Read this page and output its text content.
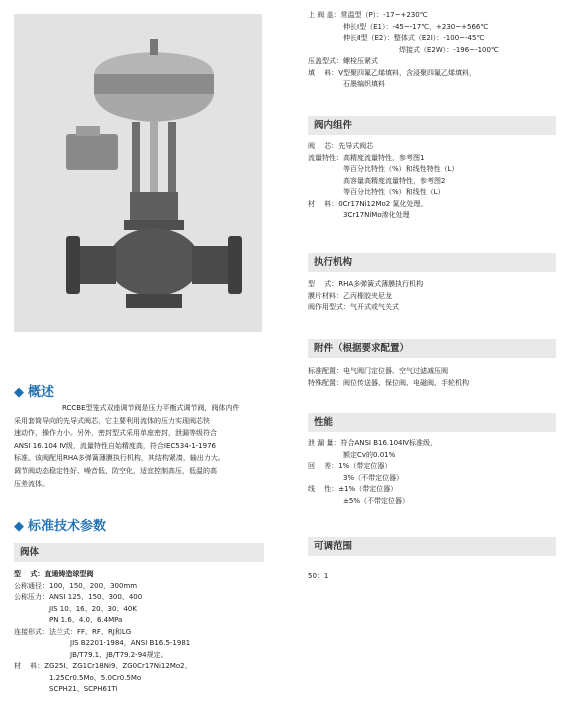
◆ 概述
RCCBE型笼式双座调节阀是压力平衡式调节阀，阀体内件
采用套筒导向的先导式阀芯，它主要利用流体的压力实现阀芯快
速动作，操作力小。另外，密封型式采用单座密封，泄漏等级符合
ANSI 16.104 Ⅳ级，流量特性自始精度高，符合IEC534-1-1976
标准。该阀配用RHA多弹簧薄膜执行机构，其结构紧凑，输出力大。
调节阀动态稳定性好、噪音低、防空化，适宜控制高压，低温的高
压差流体。
◆ 标准技术参数
阀体
型　 式：直通铸造球型阀
公称通径：100，150，200，300mm
公称压力：ANSI 125、150、300、400
　　　　　JIS 10、16、20、30、40K
　　　　　PN 1.6、4.0、6.4MPa
连接形式：法兰式：FF、RF、RJ和LG
　　　　　　　　JIS B2201-1984，ANSI B16.5-1981
　　　　　　　　JB/T79.1、JB/T79.2-94规定。
材　 料：ZG25Ⅰ、ZG1Cr18Ni9、ZG0Cr17Ni12Mo2、
　　　　　1.25Cr0.5Mo、5.0Cr0.5Mo
　　　　　SCPH21、SCPH61Ti
上 阀 盖：常温型（P）：-17~+230℃
　　　　　伸长Ⅰ型（E1）：-45~-17℃，+230~+566℃
　　　　　伸长Ⅱ型（E2）：整体式（E2I）：-100~-45℃
　　　　　　　　　　　　　焊接式（E2W）：-196~-100℃
压盖型式：螺栓压紧式
填　 料：V型聚四氟乙烯填料，含浸聚四氟乙烯填料，
　　　　　石墨编织填料
阀内组件
阀　 芯：先导式阀芯
流量特性：高精度流量特性，参考图1
　　　　　等百分比特性（%）和线性特性（L）
　　　　　高容量高精度流量特性，参考图2
　　　　　等百分比特性（%）和线性（L）
材　 料：0Cr17Ni12Mo2 氮化处理、
　　　　　3Cr17NiMo渗化处理
执行机构
型　 式：RHA多弹簧式薄膜执行机构
膜片材料：乙丙橡胶夹尼龙
阀作用型式：气开式或气关式
附件（根据要求配置）
标准配置：电气阀门定位器、空气过滤减压阀
特殊配置：阀位传送器、保位阀、电磁阀、手轮机构
性能
泄 漏 量：符合ANSI B16.104Ⅳ标准级，
　　　　　额定Cv的0.01%
回　 差：1%（带定位器）
　　　　　3%（不带定位器）
线　 性：±1%（带定位器）
　　　　　±5%（不带定位器）
可调范围
50：1
